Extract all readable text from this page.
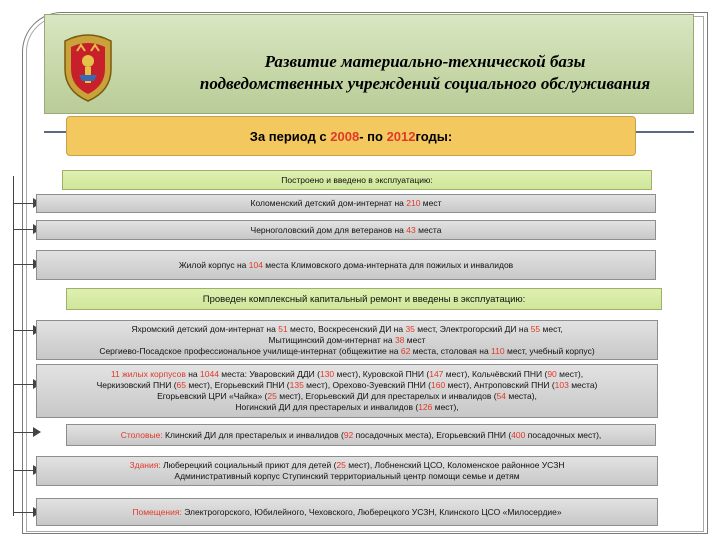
Развитие материально-технической базы
подведомственных учреждений социального обслуживания
За период с
2008 - по
2012 годы:
Построено и введено в эксплуатацию:
Коломенский детский дом-интернат на 210 мест
Черноголовский дом для ветеранов на 43 места
Жилой корпус на 104 места Климовского дома-интерната для пожилых и инвалидов
Проведен комплексный капитальный ремонт и введены в эксплуатацию:
Яхромский детский дом-интернат на 51 место, Воскресенский ДИ на 35 мест, Электрогорский ДИ на 55 мест,
Мытищинский дом-интернат на 38 мест
Сергиево-Посадское профессиональное училище-интернат (общежитие на 62 места, столовая на 110 мест, учебный корпус)
11 жилых корпусов на 1044 места: Уваровский ДДИ (130 мест), Куровской ПНИ (147 мест), Кольчёвский ПНИ (90 мест),
Черкизовский ПНИ (65 мест), Егорьевский ПНИ (135 мест), Орехово-Зуевский ПНИ (160 мест), Антроповский ПНИ (103 места)
Егорьевский ЦРИ «Чайка» (25 мест), Егорьевский ДИ для престарелых и инвалидов (54 места),
Ногинский ДИ для престарелых и инвалидов (126 мест),
Столовые: Клинский ДИ для престарелых и инвалидов (92 посадочных места), Егорьевский ПНИ (400 посадочных мест),
Здания: Люберецкий социальный приют для детей (25 мест), Лобненский ЦСО, Коломенское районное УСЗН
Административный корпус Ступинский территориальный центр помощи семье и детям
Помещения: Электрогорского, Юбилейного, Чеховского, Люберецкого УСЗН, Клинского ЦСО «Милосердие»
